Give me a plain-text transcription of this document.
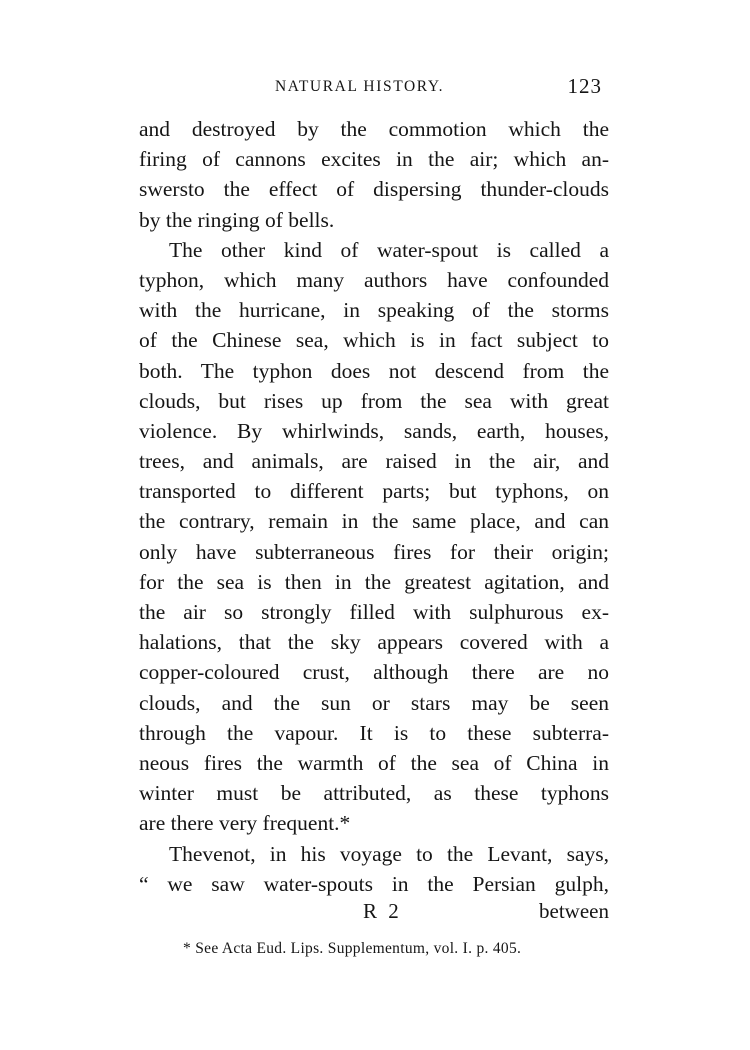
NATURAL HISTORY.	123
and destroyed by the commotion which the
firing of cannons excites in the air; which an-
swersto the effect of dispersing thunder-clouds
by the ringing of bells.
The other kind of water-spout is called a
typhon, which many authors have confounded
with the hurricane, in speaking of the storms
of the Chinese sea, which is in fact subject to
both. The typhon does not descend from the
clouds, but rises up from the sea with great
violence. By whirlwinds, sands, earth, houses,
trees, and animals, are raised in the air, and
transported to different parts; but typhons, on
the contrary, remain in the same place, and can
only have subterraneous fires for their origin;
for the sea is then in the greatest agitation, and
the air so strongly filled with sulphurous ex-
halations, that the sky appears covered with a
copper-coloured crust, although there are no
clouds, and the sun or stars may be seen
through the vapour. It is to these subterra-
neous fires the warmth of the sea of China in
winter must be attributed, as these typhons
are there very frequent.*
Thevenot, in his voyage to the Levant, says,
“ we saw water-spouts in the Persian gulph,
R 2	between
* See Acta Eud. Lips. Supplementum, vol. I. p. 405.
